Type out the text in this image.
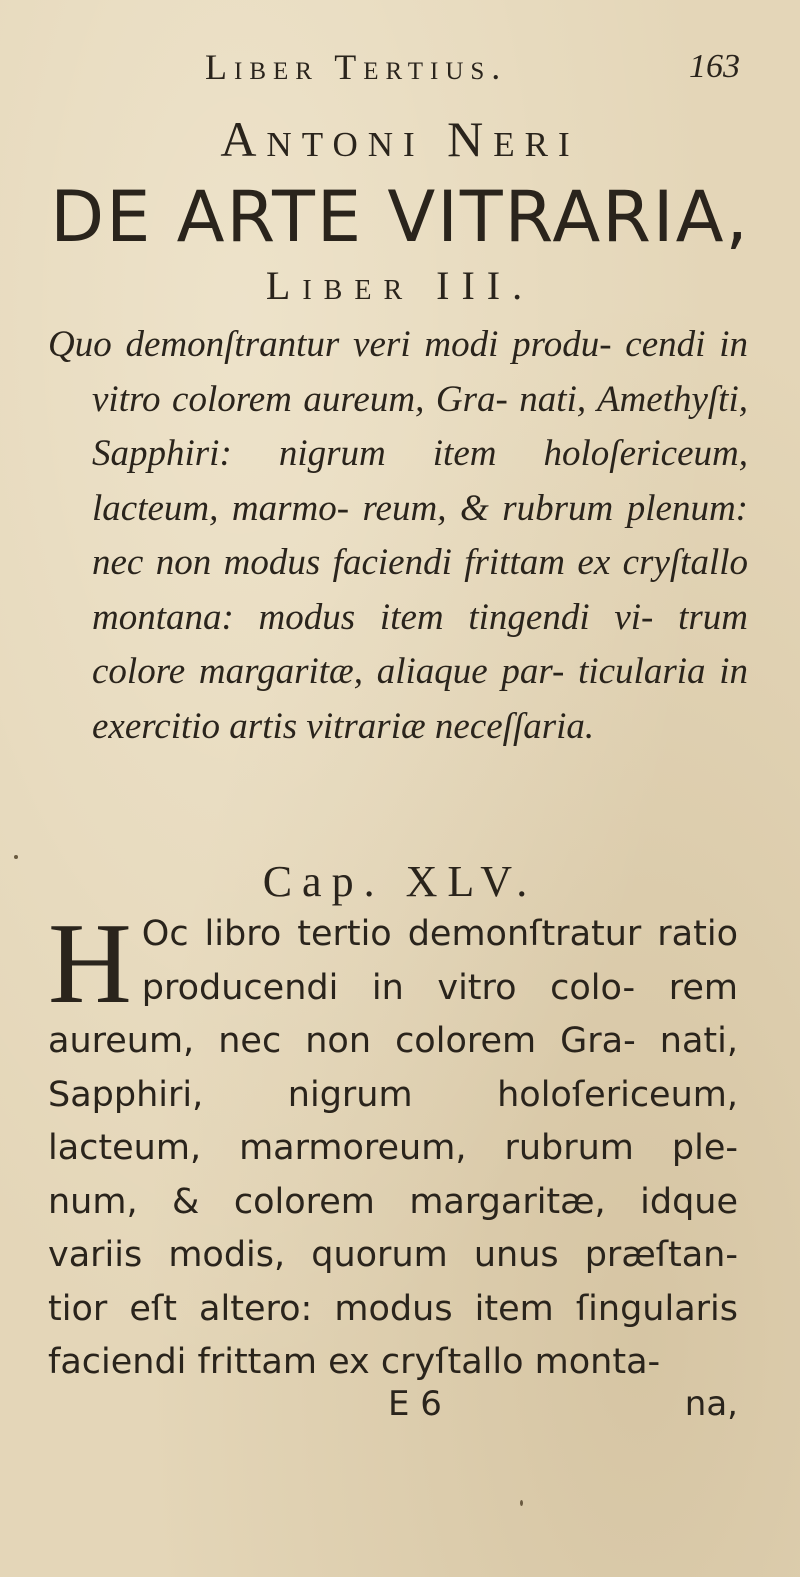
Liber Tertius.	163
Antoni Neri
DE ARTE VITRARIA,
Liber III.
Quo demonſtrantur veri modi produ- cendi in vitro colorem aureum, Gra- nati, Amethyſti, Sapphiri: nigrum item holoſericeum, lacteum, marmo- reum, & rubrum plenum: nec non modus faciendi frittam ex cryſtallo montana: modus item tingendi vi- trum colore margaritæ, aliaque par- ticularia in exercitio artis vitrariæ neceſſaria.
Cap. XLV.
H Oc libro tertio demonſtratur ratio producendi in vitro colo- rem aureum, nec non colorem Gra- nati, Sapphiri, nigrum holoſericeum, lacteum, marmoreum, rubrum ple- num, & colorem margaritæ, idque variis modis, quorum unus præſtan- tior eſt altero: modus item ſingularis faciendi frittam ex cryſtallo monta-
E 6	na,
